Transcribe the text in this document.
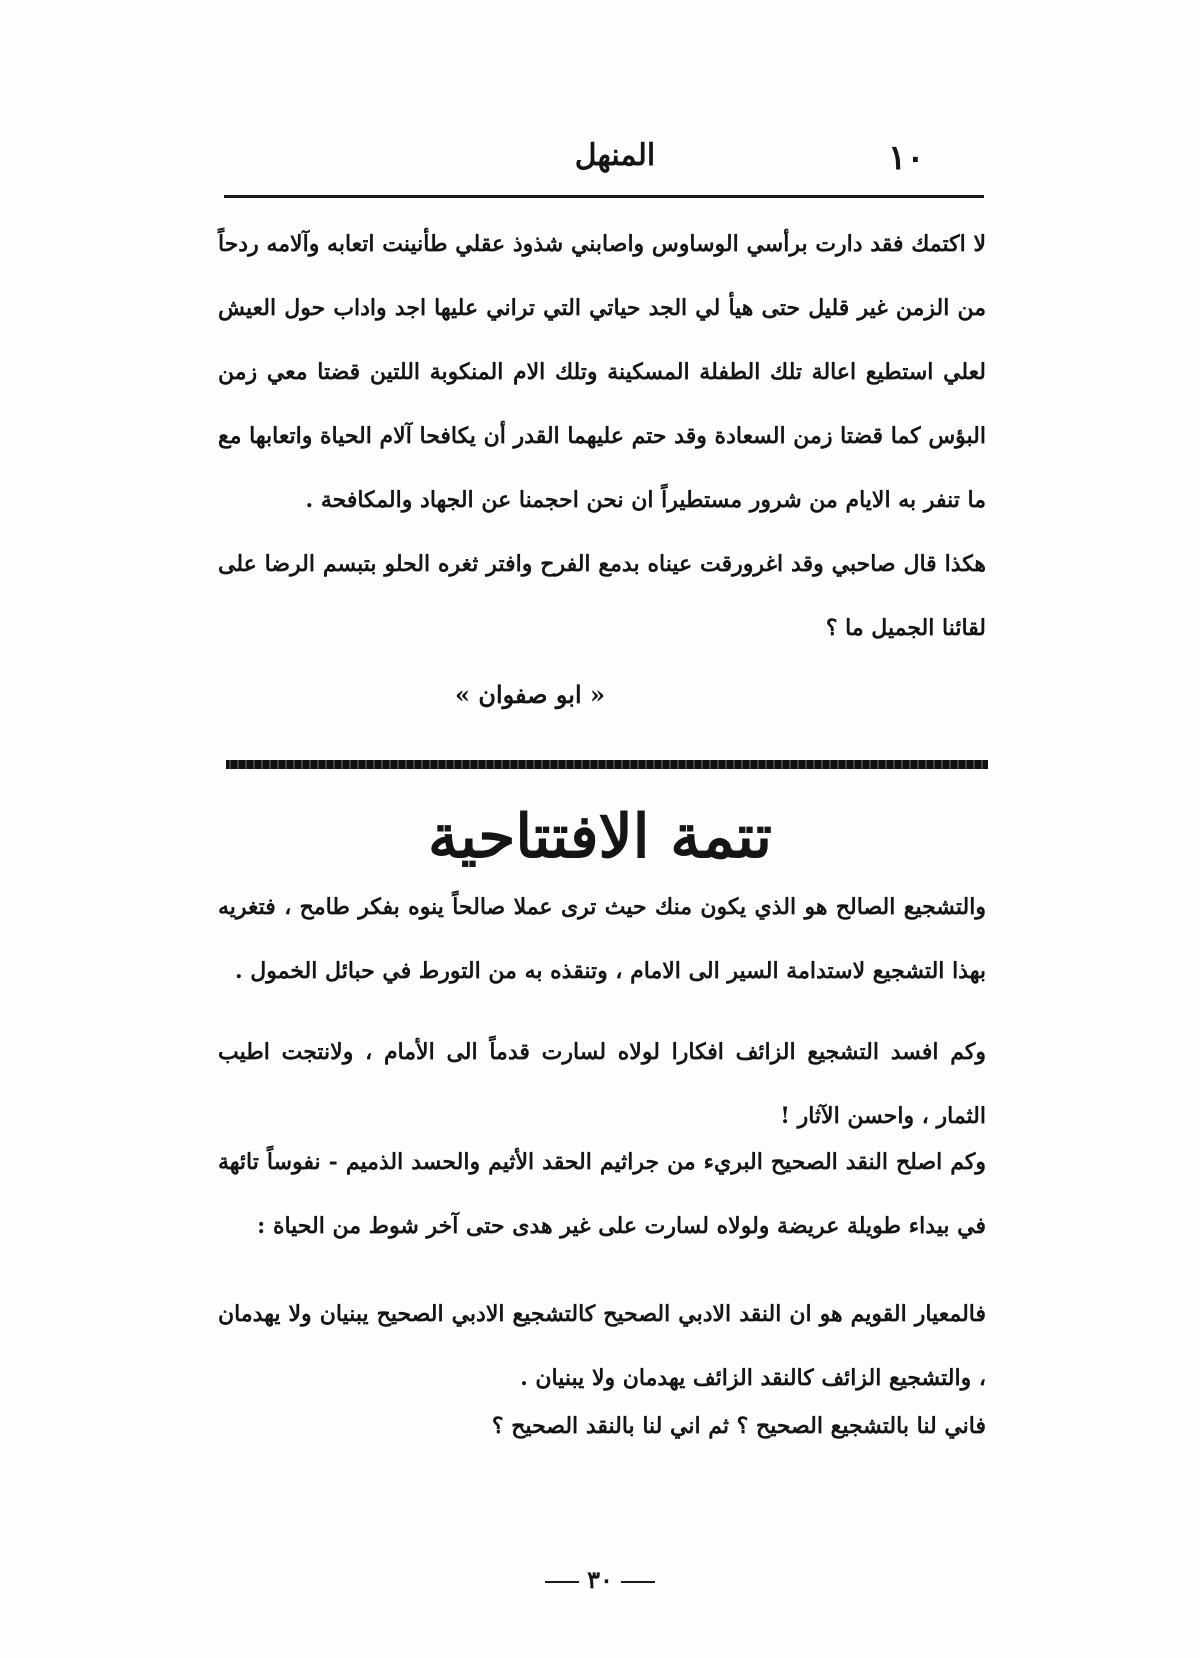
١٠
المنهل

لا اكتمك فقد دارت برأسي الوساوس واصابني شذوذ عقلي طأنينت اتعابه وآلامه ردحاً من الزمن غير قليل حتى هيأ لي الجد حياتي التي تراني عليها اجد واداب حول العيش لعلي استطيع اعالة تلك الطفلة المسكينة وتلك الام المنكوبة اللتين قضتا معي زمن البؤس كما قضتا زمن السعادة وقد حتم عليهما القدر أن يكافحا آلام الحياة واتعابها مع ما تنفر به الايام من شرور مستطيراً ان نحن احجمنا عن الجهاد والمكافحة .

هكذا قال صاحبي وقد اغرورقت عيناه بدمع الفرح وافتر ثغره الحلو بتبسم الرضا على لقائنا الجميل ما ؟

« ابو صفوان »
تتمة الافتتاحية

والتشجيع الصالح هو الذي يكون منك حيث ترى عملا صالحاً ينوه بفكر طامح ، فتغريه بهذا التشجيع لاستدامة السير الى الامام ، وتنقذه به من التورط في حبائل الخمول .

وكم افسد التشجيع الزائف افكارا لولاه لسارت قدماً الى الأمام ، ولانتجت اطيب الثمار ، واحسن الآثار !

وكم اصلح النقد الصحيح البريء من جراثيم الحقد الأثيم والحسد الذميم - نفوساً تائهة في بيداء طويلة عريضة ولولاه لسارت على غير هدى حتى آخر شوط من الحياة :

فالمعيار القويم هو ان النقد الادبي الصحيح كالتشجيع الادبي الصحيح يبنيان ولا يهدمان ، والتشجيع الزائف كالنقد الزائف يهدمان ولا يبنيان .

فاني لنا بالتشجيع الصحيح ؟ ثم اني لنا بالنقد الصحيح ؟

٣٠
